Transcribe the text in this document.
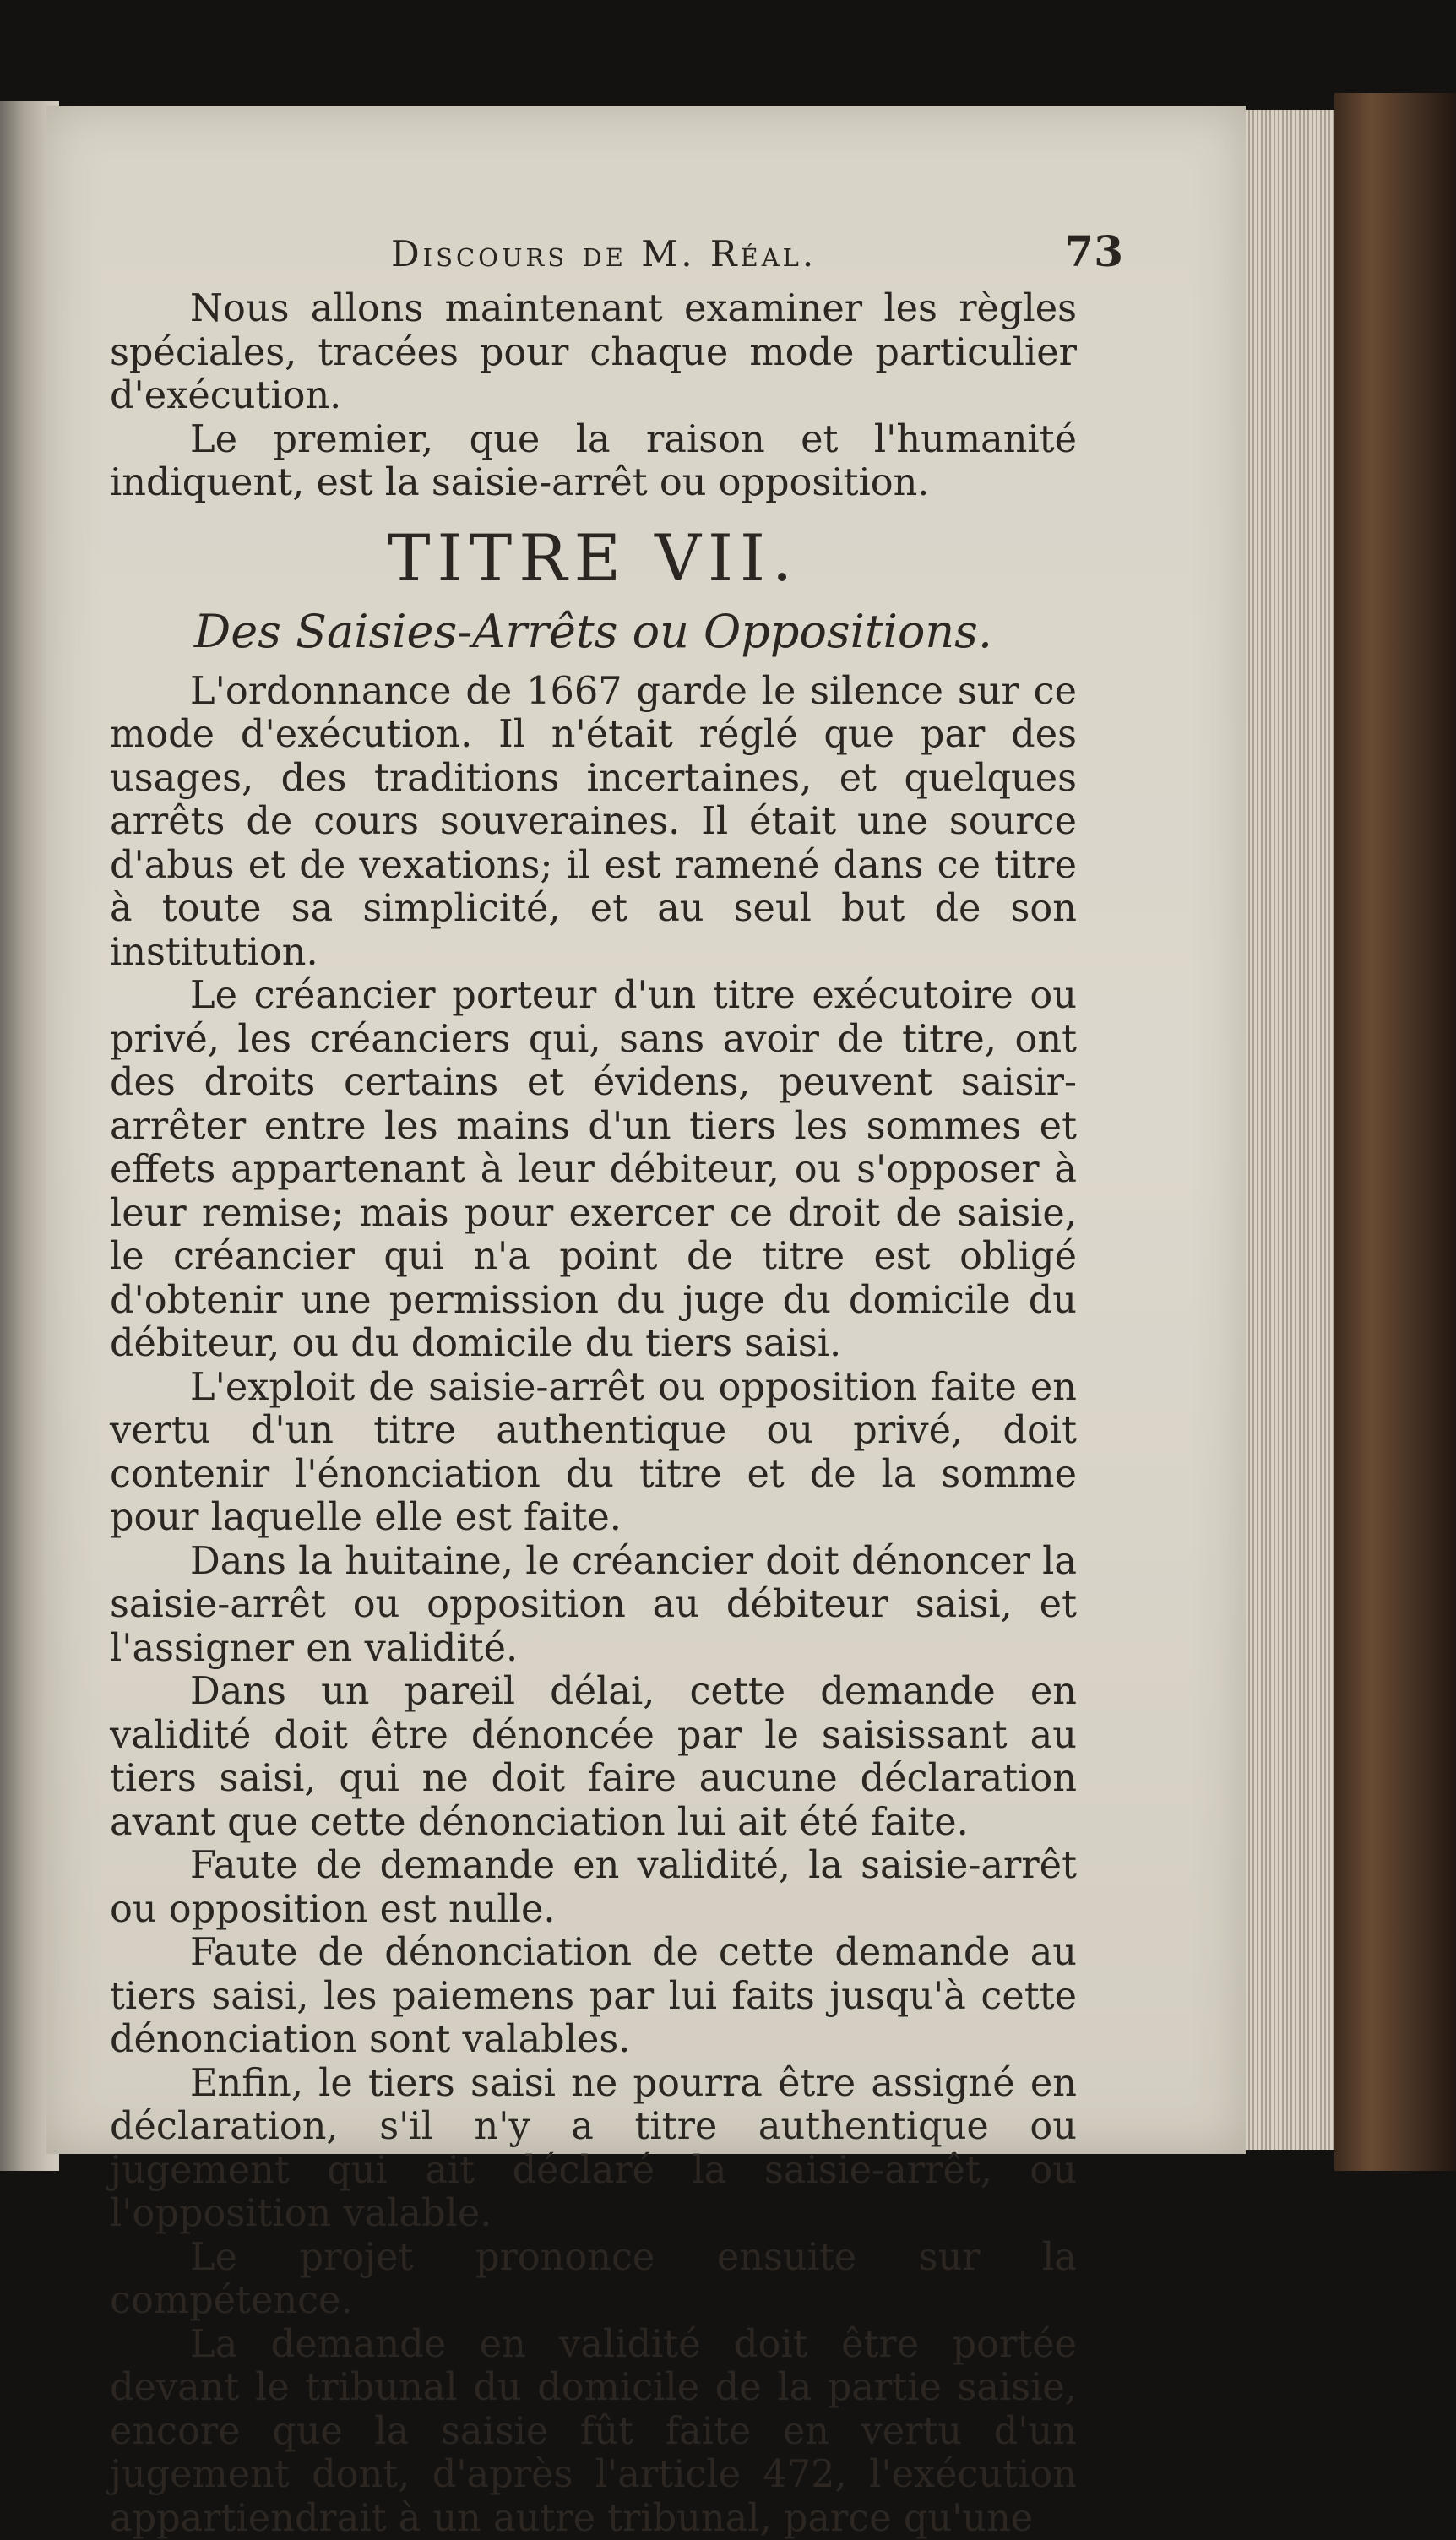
Discours de M. Réal.	73

Nous allons maintenant examiner les règles spéciales, tracées pour chaque mode particulier d'exécution.

Le premier, que la raison et l'humanité indiquent, est la saisie-arrêt ou opposition.

TITRE VII.

Des Saisies-Arrêts ou Oppositions.

L'ordonnance de 1667 garde le silence sur ce mode d'exécution. Il n'était réglé que par des usages, des traditions incertaines, et quelques arrêts de cours souveraines. Il était une source d'abus et de vexations; il est ramené dans ce titre à toute sa simplicité, et au seul but de son institution.

Le créancier porteur d'un titre exécutoire ou privé, les créanciers qui, sans avoir de titre, ont des droits certains et évidens, peuvent saisir-arrêter entre les mains d'un tiers les sommes et effets appartenant à leur débiteur, ou s'opposer à leur remise; mais pour exercer ce droit de saisie, le créancier qui n'a point de titre est obligé d'obtenir une permission du juge du domicile du débiteur, ou du domicile du tiers saisi.

L'exploit de saisie-arrêt ou opposition faite en vertu d'un titre authentique ou privé, doit contenir l'énonciation du titre et de la somme pour laquelle elle est faite.

Dans la huitaine, le créancier doit dénoncer la saisie-arrêt ou opposition au débiteur saisi, et l'assigner en validité.

Dans un pareil délai, cette demande en validité doit être dénoncée par le saisissant au tiers saisi, qui ne doit faire aucune déclaration avant que cette dénonciation lui ait été faite.

Faute de demande en validité, la saisie-arrêt ou opposition est nulle.

Faute de dénonciation de cette demande au tiers saisi, les paiemens par lui faits jusqu'à cette dénonciation sont valables.

Enfin, le tiers saisi ne pourra être assigné en déclaration, s'il n'y a titre authentique ou jugement qui ait déclaré la saisie-arrêt, ou l'opposition valable.

Le projet prononce ensuite sur la compétence.

La demande en validité doit être portée devant le tribunal du domicile de la partie saisie, encore que la saisie fût faite en vertu d'un jugement dont, d'après l'article 472, l'exécution appartiendrait à un autre tribunal, parce qu'une
